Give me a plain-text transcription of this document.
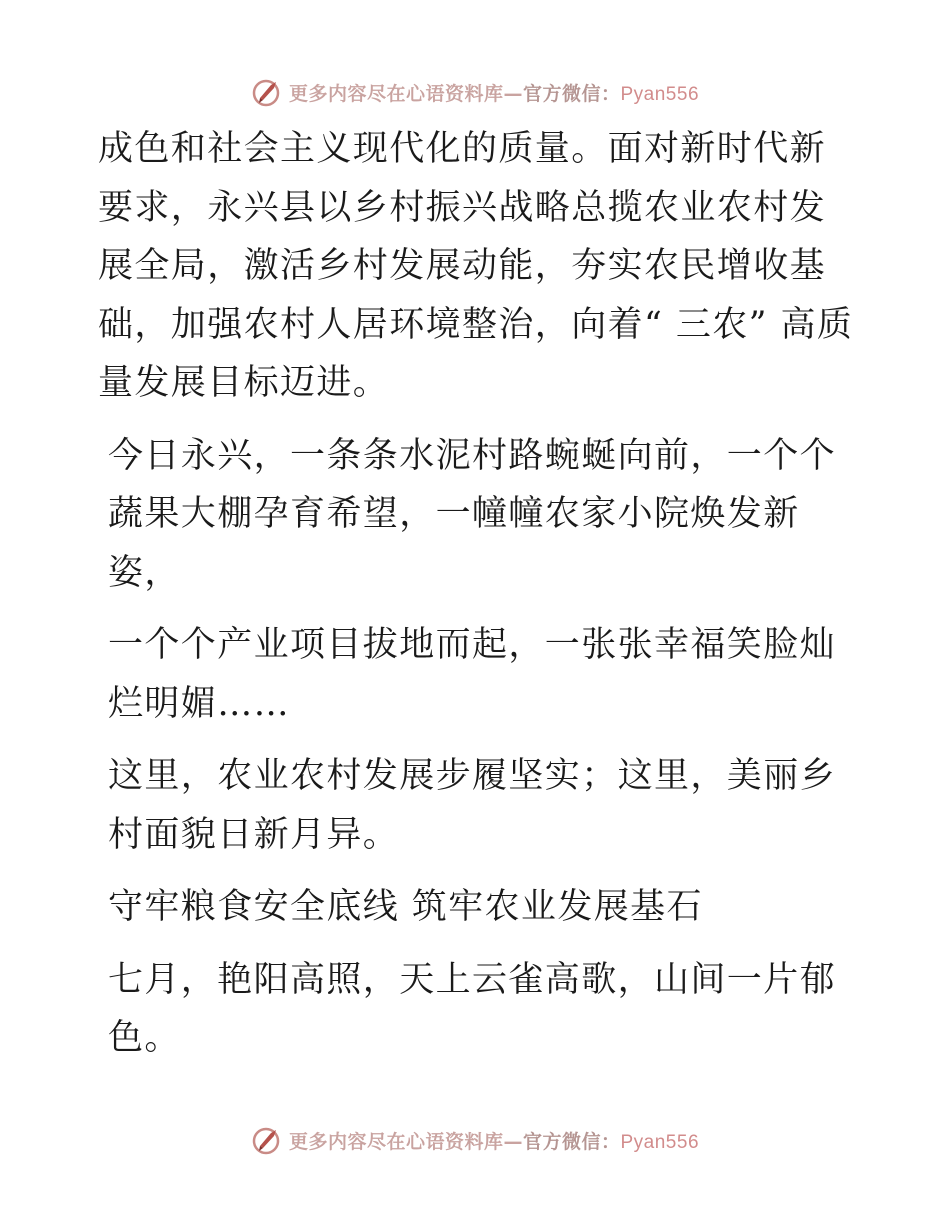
更多内容尽在心语资料库—官方微信：Pyan556

成色和社会主义现代化的质量。面对新时代新要求，永兴县以乡村振兴战略总揽农业农村发展全局，激活乡村发展动能，夯实农民增收基础，加强农村人居环境整治，向着“ 三农” 高质量发展目标迈进。

今日永兴，一条条水泥村路蜿蜒向前，一个个蔬果大棚孕育希望，一幢幢农家小院焕发新姿，

一个个产业项目拔地而起，一张张幸福笑脸灿烂明媚……

这里，农业农村发展步履坚实；这里，美丽乡村面貌日新月异。

守牢粮食安全底线 筑牢农业发展基石

七月，艳阳高照，天上云雀高歌，山间一片郁色。

更多内容尽在心语资料库—官方微信：Pyan556
